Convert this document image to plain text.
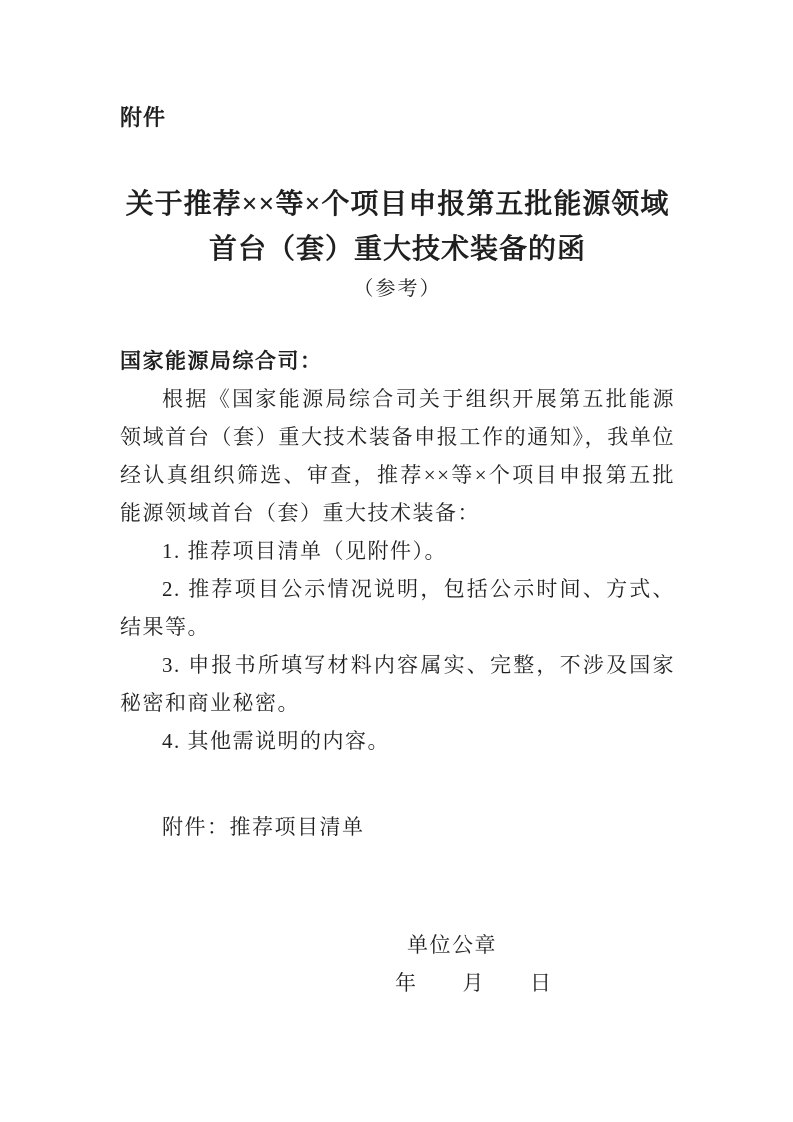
附件
关于推荐××等×个项目申报第五批能源领域
首台（套）重大技术装备的函
（参考）

国家能源局综合司：

根据《国家能源局综合司关于组织开展第五批能源领域首台（套）重大技术装备申报工作的通知》，我单位经认真组织筛选、审查，推荐××等×个项目申报第五批能源领域首台（套）重大技术装备：

1. 推荐项目清单（见附件）。

2. 推荐项目公示情况说明，包括公示时间、方式、结果等。

3. 申报书所填写材料内容属实、完整，不涉及国家秘密和商业秘密。

4. 其他需说明的内容。

附件：推荐项目清单

单位公章

年　　月　　日
